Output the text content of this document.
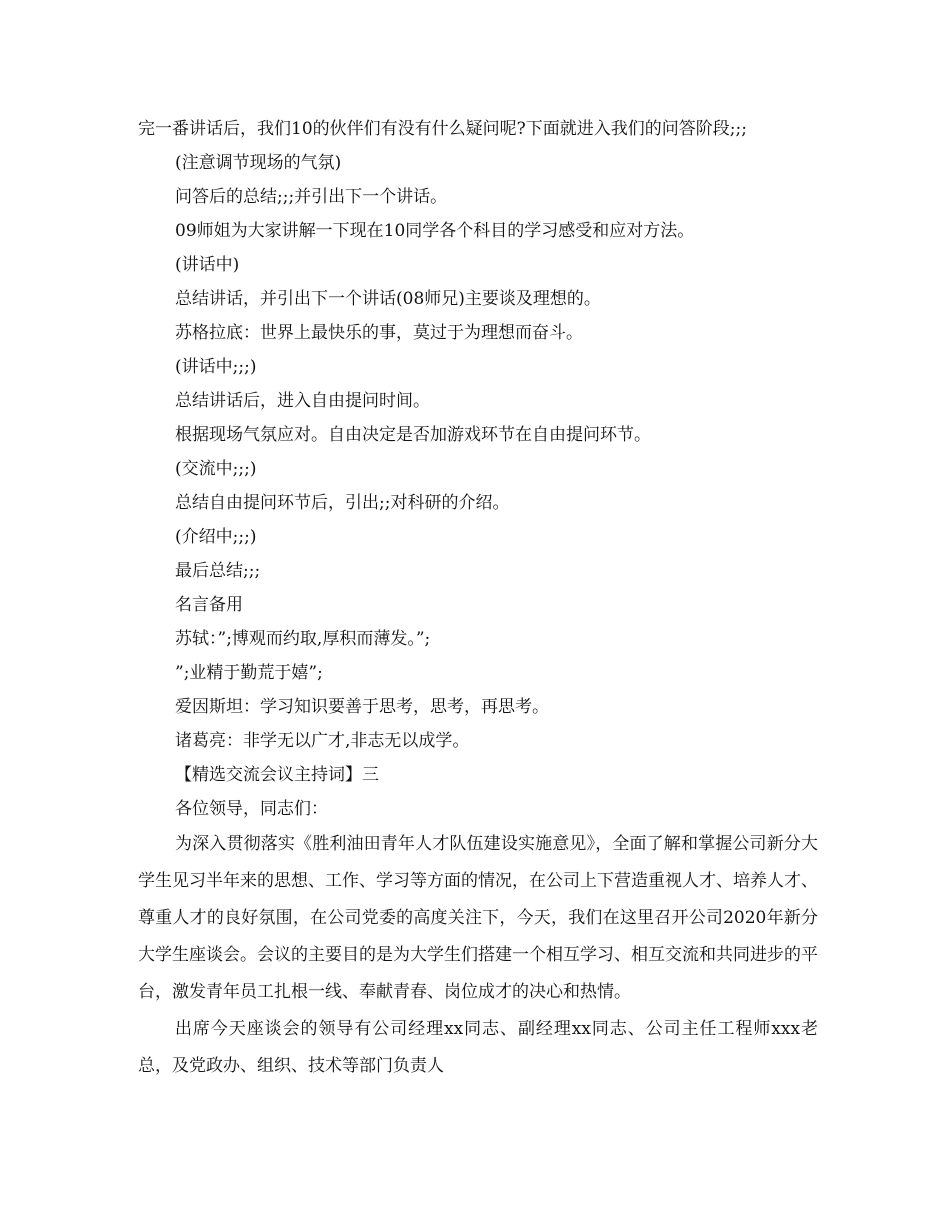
完一番讲话后，我们10的伙伴们有没有什么疑问呢?下面就进入我们的问答阶段;;;
(注意调节现场的气氛)
问答后的总结;;;并引出下一个讲话。
09师姐为大家讲解一下现在10同学各个科目的学习感受和应对方法。
(讲话中)
总结讲话，并引出下一个讲话(08师兄)主要谈及理想的。
苏格拉底：世界上最快乐的事，莫过于为理想而奋斗。
(讲话中;;;)
总结讲话后，进入自由提问时间。
根据现场气氛应对。自由决定是否加游戏环节在自由提问环节。
(交流中;;;)
总结自由提问环节后，引出;;对科研的介绍。
(介绍中;;;)
最后总结;;;
名言备用
苏轼：”;博观而约取,厚积而薄发。”;
”;业精于勤荒于嬉”;
爱因斯坦：学习知识要善于思考，思考，再思考。
诸葛亮：非学无以广才,非志无以成学。
【精选交流会议主持词】三
各位领导，同志们：

为深入贯彻落实《胜利油田青年人才队伍建设实施意见》，全面了解和掌握公司新分大学生见习半年来的思想、工作、学习等方面的情况，在公司上下营造重视人才、培养人才、尊重人才的良好氛围，在公司党委的高度关注下，今天，我们在这里召开公司2020年新分大学生座谈会。会议的主要目的是为大学生们搭建一个相互学习、相互交流和共同进步的平台，激发青年员工扎根一线、奉献青春、岗位成才的决心和热情。

出席今天座谈会的领导有公司经理xx同志、副经理xx同志、公司主任工程师xxx老总，及党政办、组织、技术等部门负责人
